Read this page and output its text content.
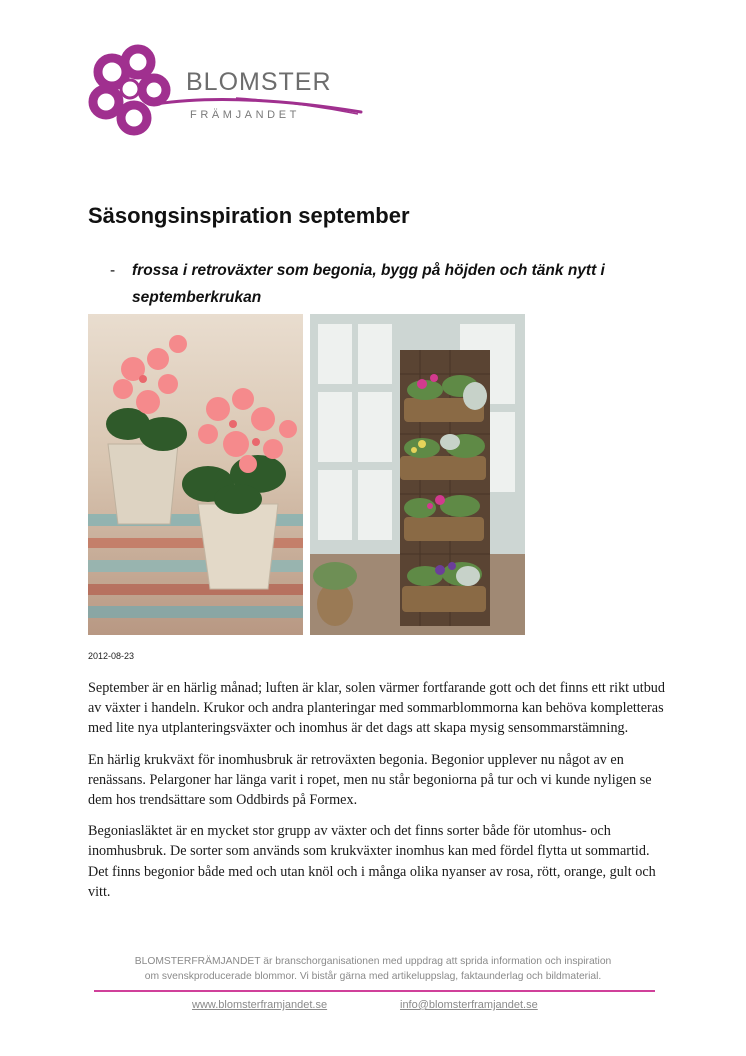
BLOMSTER
FRÄMJANDET
Säsongsinspiration september
-	frossa i retroväxter som begonia, bygg på höjden och tänk nytt i septemberkrukan
2012-08-23

September är en härlig månad; luften är klar, solen värmer fortfarande gott och det finns ett rikt utbud av växter i handeln. Krukor och andra planteringar med sommarblommorna kan behöva kompletteras med lite nya utplanteringsväxter och inomhus är det dags att skapa mysig sensommarstämning.

En härlig krukväxt för inomhusbruk är retroväxten begonia. Begonior upplever nu något av en renässans. Pelargoner har länga varit i ropet, men nu står begoniorna på tur och vi kunde nyligen se dem hos trendsättare som Oddbirds på Formex.

Begoniasläktet är en mycket stor grupp av växter och det finns sorter både för utomhus- och inomhusbruk. De sorter som används som krukväxter inomhus kan med fördel flytta ut sommartid. Det finns begonior både med och utan knöl och i många olika nyanser av rosa, rött, orange, gult och vitt.

BLOMSTERFRÄMJANDET är branschorganisationen med uppdrag att sprida information och inspiration
om svenskproducerade blommor. Vi bistår gärna med artikeluppslag, faktaunderlag och bildmaterial.
www.blomsterframjandet.se	info@blomsterframjandet.se
